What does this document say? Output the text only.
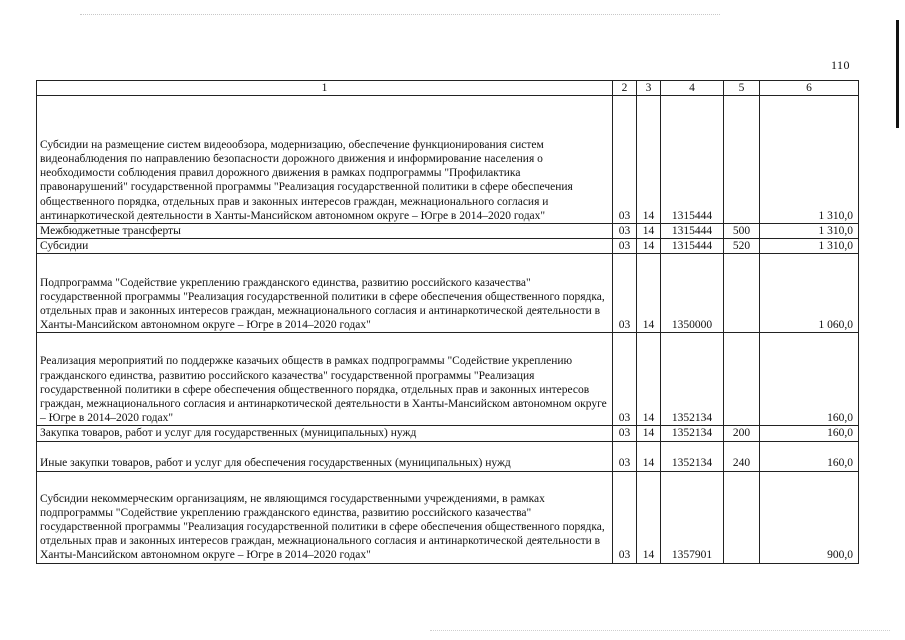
110
1	2	3	4	5	6
Субсидии на размещение систем видеообзора, модернизацию, обеспечение функционирования систем видеонаблюдения по направлению безопасности дорожного движения и информирование населения о необходимости соблюдения правил дорожного движения в рамках подпрограммы "Профилактика правонарушений" государственной программы "Реализация государственной политики в сфере обеспечения общественного порядка, отдельных прав и законных интересов граждан, межнационального согласия и антинаркотической деятельности в Ханты-Мансийском автономном округе – Югре в 2014–2020 годах"	03	14	1315444		1 310,0
Межбюджетные трансферты	03	14	1315444	500	1 310,0
Субсидии	03	14	1315444	520	1 310,0
Подпрограмма "Содействие укреплению гражданского единства, развитию российского казачества" государственной программы "Реализация государственной политики в сфере обеспечения общественного порядка, отдельных прав и законных интересов граждан, межнационального согласия и антинаркотической деятельности в Ханты-Мансийском автономном округе – Югре в 2014–2020 годах"	03	14	1350000		1 060,0
Реализация мероприятий по поддержке казачьих обществ в рамках подпрограммы "Содействие укреплению гражданского единства, развитию российского казачества" государственной программы "Реализация государственной политики в сфере обеспечения общественного порядка, отдельных прав и законных интересов граждан, межнационального согласия и антинаркотической деятельности в Ханты-Мансийском автономном округе – Югре в 2014–2020 годах"	03	14	1352134		160,0
Закупка товаров, работ и услуг для государственных (муниципальных) нужд	03	14	1352134	200	160,0
Иные закупки товаров, работ и услуг для обеспечения государственных (муниципальных) нужд	03	14	1352134	240	160,0
Субсидии некоммерческим организациям, не являющимся государственными учреждениями, в рамках подпрограммы "Содействие укреплению гражданского единства, развитию российского казачества" государственной программы "Реализация государственной политики в сфере обеспечения общественного порядка, отдельных прав и законных интересов граждан, межнационального согласия и антинаркотической деятельности в Ханты-Мансийском автономном округе – Югре в 2014–2020 годах"	03	14	1357901		900,0
